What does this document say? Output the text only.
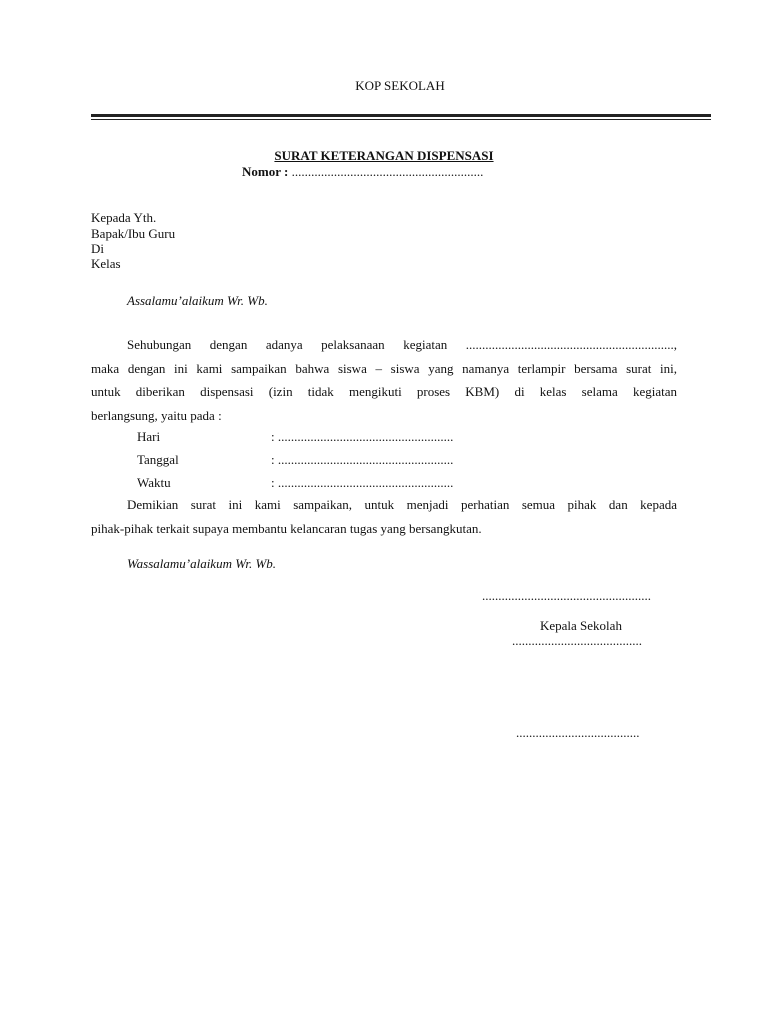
KOP SEKOLAH
SURAT KETERANGAN DISPENSASI
Nomor : ...........................................................
Kepada Yth.
Bapak/Ibu Guru
Di
Kelas
Assalamu’alaikum Wr. Wb.
Sehubungan dengan adanya pelaksanaan kegiatan ................................................................,
maka dengan ini kami sampaikan bahwa siswa – siswa yang namanya terlampir bersama surat ini,
untuk diberikan dispensasi (izin tidak mengikuti proses KBM) di kelas selama kegiatan
berlangsung, yaitu pada :
Hari	: ......................................................
Tanggal	: ......................................................
Waktu	: ......................................................
Demikian surat ini kami sampaikan, untuk menjadi perhatian semua pihak dan kepada
pihak-pihak terkait supaya membantu kelancaran tugas yang bersangkutan.
Wassalamu’alaikum Wr. Wb.
....................................................
Kepala Sekolah
........................................
......................................
